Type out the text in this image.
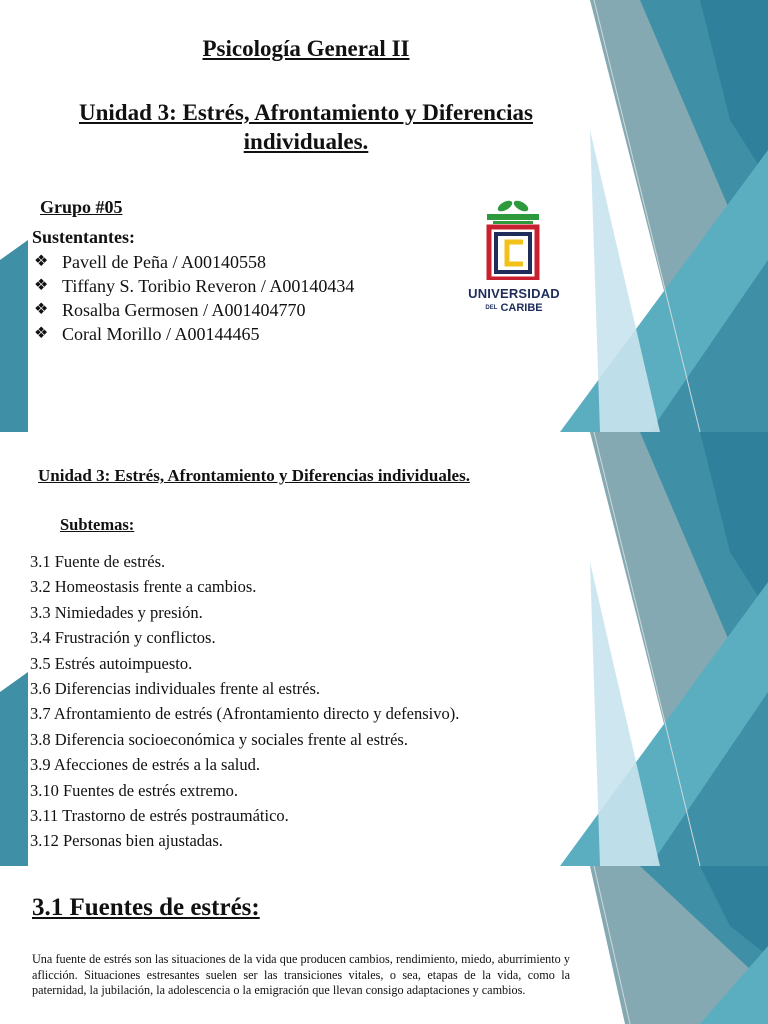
Psicología General II
Unidad 3: Estrés, Afrontamiento y Diferencias
individuales.
Grupo #05
Sustentantes:
❖ Pavell de Peña / A00140558
❖ Tiffany S. Toribio Reveron / A00140434
❖ Rosalba Germosen / A001404770
❖ Coral Morillo / A00144465
UNIVERSIDAD
DEL CARIBE
Unidad 3: Estrés, Afrontamiento y Diferencias individuales.
Subtemas:
3.1 Fuente de estrés.
3.2 Homeostasis frente a cambios.
3.3 Nimiedades y presión.
3.4 Frustración y conflictos.
3.5 Estrés autoimpuesto.
3.6 Diferencias individuales frente al estrés.
3.7 Afrontamiento de estrés (Afrontamiento directo y defensivo).
3.8 Diferencia socioeconómica y sociales frente al estrés.
3.9 Afecciones de estrés a la salud.
3.10 Fuentes de estrés extremo.
3.11 Trastorno de estrés postraumático.
3.12 Personas bien ajustadas.
3.1 Fuentes de estrés:
Una fuente de estrés son las situaciones de la vida que producen cambios, rendimiento, miedo, aburrimiento y aflicción. Situaciones estresantes suelen ser las transiciones vitales, o sea, etapas de la vida, como la paternidad, la jubilación, la adolescencia o la emigración que llevan consigo adaptaciones y cambios.
